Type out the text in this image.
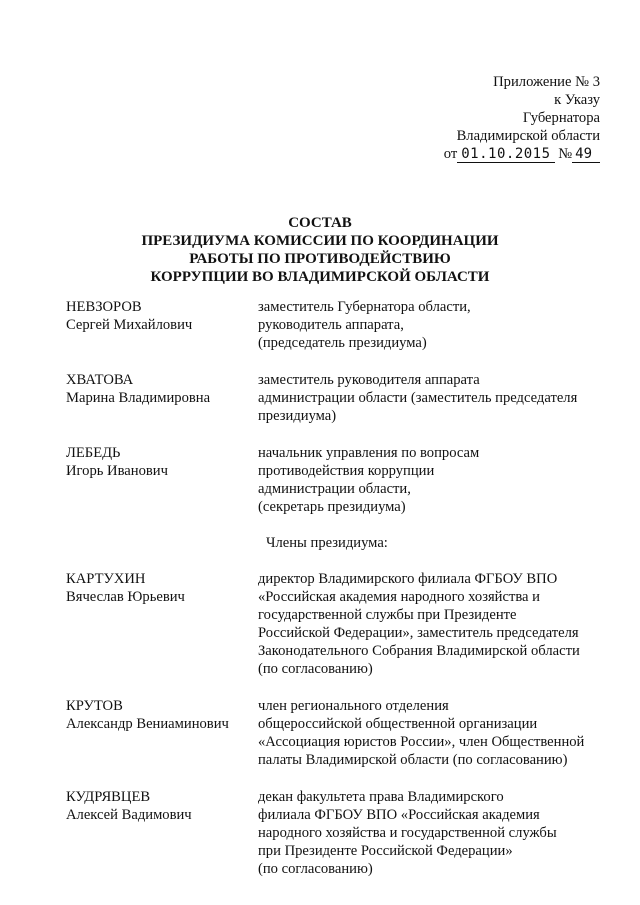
Приложение № 3
к Указу
Губернатора
Владимирской области
от 01.10.2015 № 49
СОСТАВ
ПРЕЗИДИУМА КОМИССИИ ПО КООРДИНАЦИИ
РАБОТЫ ПО ПРОТИВОДЕЙСТВИЮ
КОРРУПЦИИ ВО ВЛАДИМИРСКОЙ ОБЛАСТИ
НЕВЗОРОВ
Сергей Михайлович
заместитель Губернатора области,
руководитель аппарата,
(председатель президиума)
ХВАТОВА
Марина Владимировна
заместитель руководителя аппарата
администрации области (заместитель председателя
президиума)
ЛЕБЕДЬ
Игорь Иванович
начальник управления по вопросам
противодействия коррупции
администрации области,
(секретарь президиума)
Члены президиума:
КАРТУХИН
Вячеслав Юрьевич
директор Владимирского филиала ФГБОУ ВПО
«Российская академия народного хозяйства и
государственной службы при Президенте
Российской Федерации», заместитель председателя
Законодательного Собрания Владимирской области
(по согласованию)
КРУТОВ
Александр Вениаминович
член регионального отделения
общероссийской общественной организации
«Ассоциация юристов России», член Общественной
палаты Владимирской области (по согласованию)
КУДРЯВЦЕВ
Алексей Вадимович
декан факультета права Владимирского
филиала ФГБОУ ВПО «Российская академия
народного хозяйства и государственной службы
при Президенте Российской Федерации»
(по согласованию)
